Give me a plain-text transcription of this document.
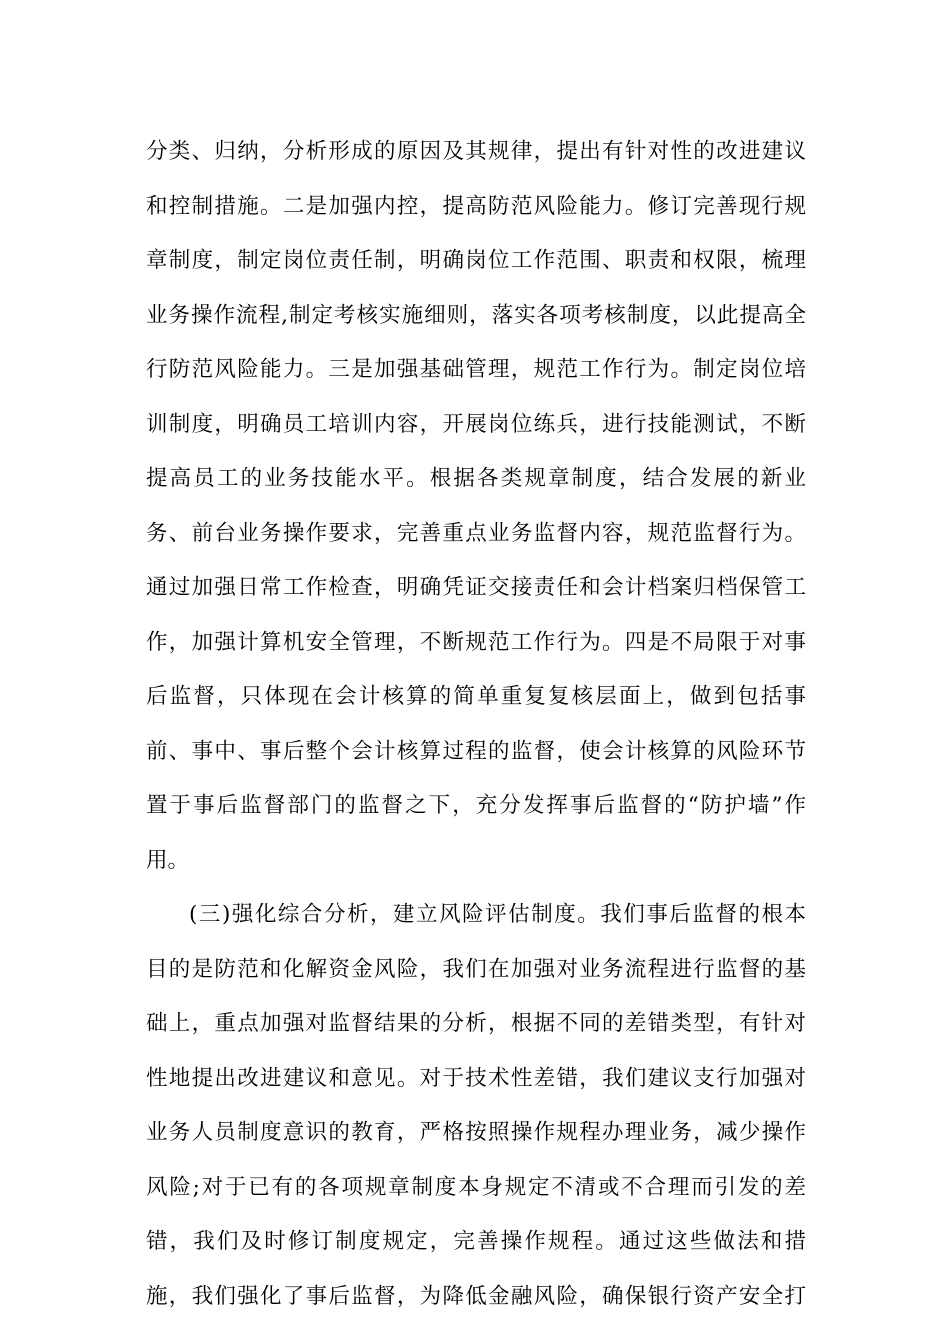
分类、归纳，分析形成的原因及其规律，提出有针对性的改进建议
和控制措施。二是加强内控，提高防范风险能力。修订完善现行规
章制度，制定岗位责任制，明确岗位工作范围、职责和权限，梳理
业务操作流程,制定考核实施细则，落实各项考核制度，以此提高全
行防范风险能力。三是加强基础管理，规范工作行为。制定岗位培
训制度，明确员工培训内容，开展岗位练兵，进行技能测试，不断
提高员工的业务技能水平。根据各类规章制度，结合发展的新业
务、前台业务操作要求，完善重点业务监督内容，规范监督行为。
通过加强日常工作检查，明确凭证交接责任和会计档案归档保管工
作，加强计算机安全管理，不断规范工作行为。四是不局限于对事
后监督，只体现在会计核算的简单重复复核层面上，做到包括事
前、事中、事后整个会计核算过程的监督，使会计核算的风险环节
置于事后监督部门的监督之下，充分发挥事后监督的“防护墙”作
用。
(三)强化综合分析，建立风险评估制度。我们事后监督的根本
目的是防范和化解资金风险，我们在加强对业务流程进行监督的基
础上，重点加强对监督结果的分析，根据不同的差错类型，有针对
性地提出改进建议和意见。对于技术性差错，我们建议支行加强对
业务人员制度意识的教育，严格按照操作规程办理业务，减少操作
风险;对于已有的各项规章制度本身规定不清或不合理而引发的差
错，我们及时修订制度规定，完善操作规程。通过这些做法和措
施，我们强化了事后监督，为降低金融风险，确保银行资产安全打
